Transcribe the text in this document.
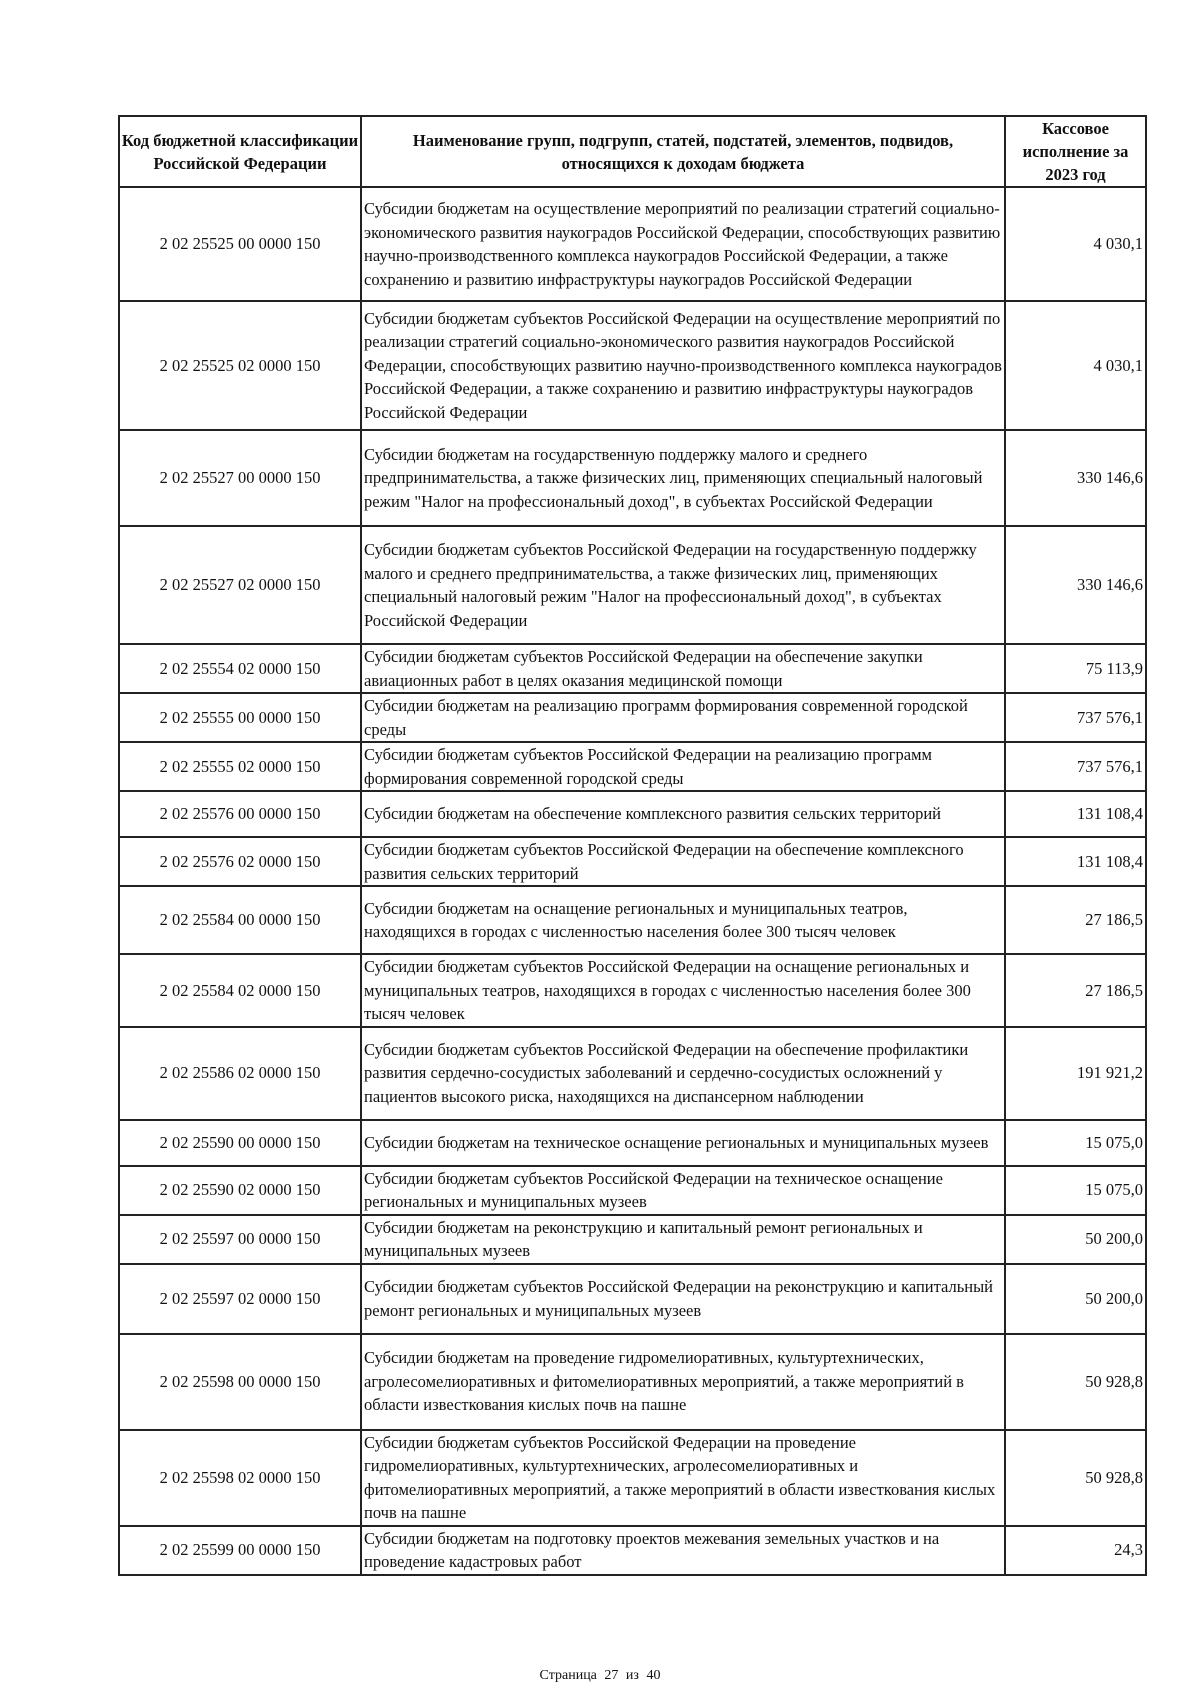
Код бюджетной классификации Российской Федерации	Наименование групп, подгрупп, статей, подстатей, элементов, подвидов, относящихся к доходам бюджета	Кассовое исполнение за 2023 год
2 02 25525 00 0000 150	Субсидии бюджетам на осуществление мероприятий по реализации стратегий социально-экономического развития наукоградов Российской Федерации, способствующих развитию научно-производственного комплекса наукоградов Российской Федерации, а также сохранению и развитию инфраструктуры наукоградов Российской Федерации	4 030,1
2 02 25525 02 0000 150	Субсидии бюджетам субъектов Российской Федерации на осуществление мероприятий по реализации стратегий социально-экономического развития наукоградов Российской Федерации, способствующих развитию научно-производственного комплекса наукоградов Российской Федерации, а также сохранению и развитию инфраструктуры наукоградов Российской Федерации	4 030,1
2 02 25527 00 0000 150	Субсидии бюджетам на государственную поддержку малого и среднего предпринимательства, а также физических лиц, применяющих специальный налоговый режим "Налог на профессиональный доход", в субъектах Российской Федерации	330 146,6
2 02 25527 02 0000 150	Субсидии бюджетам субъектов Российской Федерации на государственную поддержку малого и среднего предпринимательства, а также физических лиц, применяющих специальный налоговый режим "Налог на профессиональный доход", в субъектах Российской Федерации	330 146,6
2 02 25554 02 0000 150	Субсидии бюджетам субъектов Российской Федерации на обеспечение закупки авиационных работ в целях оказания медицинской помощи	75 113,9
2 02 25555 00 0000 150	Субсидии бюджетам на реализацию программ формирования современной городской среды	737 576,1
2 02 25555 02 0000 150	Субсидии бюджетам субъектов Российской Федерации на реализацию программ формирования современной городской среды	737 576,1
2 02 25576 00 0000 150	Субсидии бюджетам на обеспечение комплексного развития сельских территорий	131 108,4
2 02 25576 02 0000 150	Субсидии бюджетам субъектов Российской Федерации на обеспечение комплексного развития сельских территорий	131 108,4
2 02 25584 00 0000 150	Субсидии бюджетам на оснащение региональных и муниципальных театров, находящихся в городах с численностью населения более 300 тысяч человек	27 186,5
2 02 25584 02 0000 150	Субсидии бюджетам субъектов Российской Федерации на оснащение региональных и муниципальных театров, находящихся в городах с численностью населения более 300 тысяч человек	27 186,5
2 02 25586 02 0000 150	Субсидии бюджетам субъектов Российской Федерации на обеспечение профилактики развития сердечно-сосудистых заболеваний и сердечно-сосудистых осложнений у пациентов высокого риска, находящихся на диспансерном наблюдении	191 921,2
2 02 25590 00 0000 150	Субсидии бюджетам на техническое оснащение региональных и муниципальных музеев	15 075,0
2 02 25590 02 0000 150	Субсидии бюджетам субъектов Российской Федерации на техническое оснащение региональных и муниципальных музеев	15 075,0
2 02 25597 00 0000 150	Субсидии бюджетам на реконструкцию и капитальный ремонт региональных и муниципальных музеев	50 200,0
2 02 25597 02 0000 150	Субсидии бюджетам субъектов Российской Федерации на реконструкцию и капитальный ремонт региональных и муниципальных музеев	50 200,0
2 02 25598 00 0000 150	Субсидии бюджетам на проведение гидромелиоративных, культуртехнических, агролесомелиоративных и фитомелиоративных мероприятий, а также мероприятий в области известкования кислых почв на пашне	50 928,8
2 02 25598 02 0000 150	Субсидии бюджетам субъектов Российской Федерации на проведение гидромелиоративных, культуртехнических, агролесомелиоративных и фитомелиоративных мероприятий, а также мероприятий в области известкования кислых почв на пашне	50 928,8
2 02 25599 00 0000 150	Субсидии бюджетам на подготовку проектов межевания земельных участков и на проведение кадастровых работ	24,3
Страница 27 из 40
